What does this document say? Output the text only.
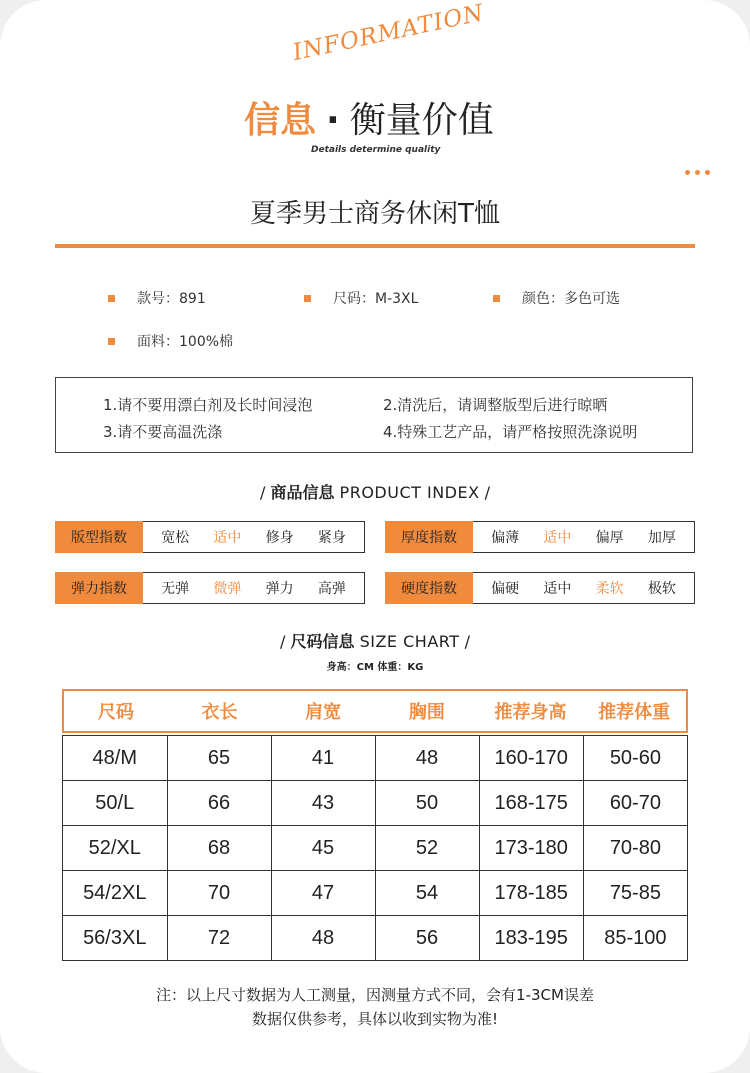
INFORMATION
信息 · 衡量价值
Details determine quality
夏季男士商务休闲T恤
款号：891	尺码：M-3XL	颜色：多色可选
面料：100%棉
1.请不要用漂白剂及长时间浸泡	2.清洗后，请调整版型后进行晾晒
3.请不要高温洗涤	4.特殊工艺产品，请严格按照洗涤说明
/ 商品信息 PRODUCT INDEX /
版型指数	宽松 适中 修身 紧身	厚度指数	偏薄 适中 偏厚 加厚
弹力指数	无弹 微弹 弹力 高弹	硬度指数	偏硬 适中 柔软 极软
/ 尺码信息 SIZE CHART /
身高：CM 体重：KG
尺码	衣长	肩宽	胸围	推荐身高	推荐体重
48/M	65	41	48	160-170	50-60
50/L	66	43	50	168-175	60-70
52/XL	68	45	52	173-180	70-80
54/2XL	70	47	54	178-185	75-85
56/3XL	72	48	56	183-195	85-100
注：以上尺寸数据为人工测量，因测量方式不同，会有1-3CM误差
数据仅供参考，具体以收到实物为准!
